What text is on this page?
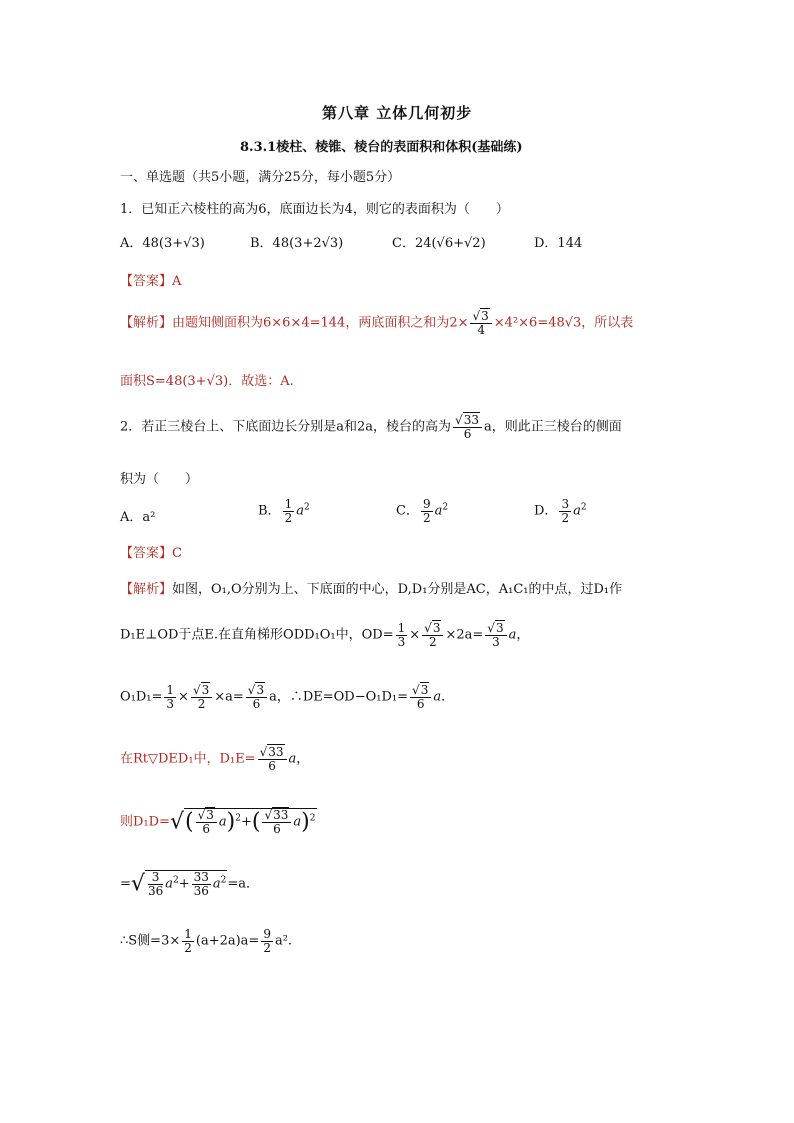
第八章 立体几何初步
8.3.1棱柱、棱锥、棱台的表面积和体积(基础练)
一、单选题（共5小题，满分25分，每小题5分）
1．已知正六棱柱的高为6，底面边长为4，则它的表面积为（　　）
A．48(3+√3)	B．48(3+2√3)	C．24(√6+√2)	D．144
【答案】A
【解析】由题知侧面积为6×6×4=144，两底面积之和为$2\times \frac{√3}{4} \times 4^2\times 6=48√3$，所以表
面积S=48(3+√3)．故选：A.
2．若正三棱台上、下底面边长分别是a和2a，棱台的高为 $\frac{√33}{6}$ a，则此正三棱台的侧面
积为（　　）
A．a²	B． $\frac{1}{2} a^2$	C． $\frac{9}{2} a^2$	D． $\frac{3}{2} a^2$
【答案】C
【解析】如图，O₁,O分别为上、下底面的中心，D,D₁分别是AC，A₁C₁的中点，过D₁作
D₁E⊥OD于点E.在直角梯形ODD₁O₁中，$OD= \frac{1}{3} \times \frac{√3}{2} \times 2a= \frac{√3}{3}$ a，
$O_1D_1= \frac{1}{3} \times \frac{√3}{2} \times a= \frac{√3}{6}$ a，∴DE=OD−O₁D₁= $\frac{√3}{6}$ a．
在Rt▽DED₁中，$D_1E= \frac{√33}{6}$ a，
则$D_1D=√( \frac{√3}{6} a)^2+( \frac{√33}{6} a)^2$
=√ $\frac{3}{36} a^2+ \frac{33}{36} a^2=a$．
∴S侧$=3\times \frac{1}{2} (a+2a)a= \frac{9}{2} a^2$.
